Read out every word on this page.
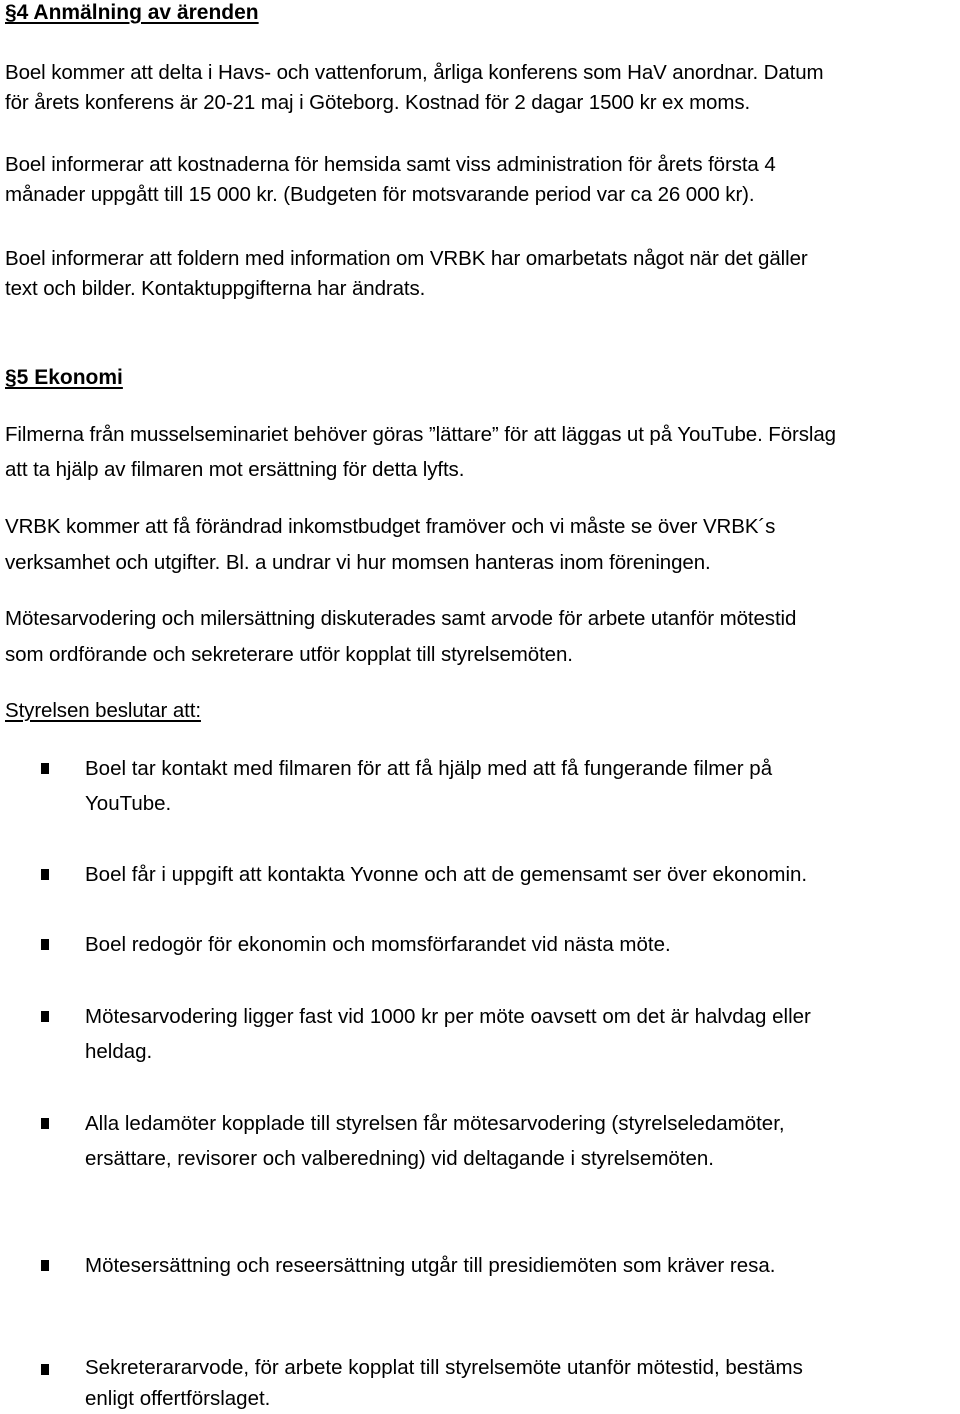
§4 Anmälning av ärenden
Boel kommer att delta i Havs- och vattenforum, årliga konferens som HaV anordnar. Datum
för årets konferens är 20-21 maj i Göteborg. Kostnad för 2 dagar 1500 kr ex moms.
Boel informerar att kostnaderna för hemsida samt viss administration för årets första 4
månader uppgått till 15 000 kr. (Budgeten för motsvarande period var ca 26 000 kr).
Boel informerar att foldern med information om VRBK har omarbetats något när det gäller
text och bilder. Kontaktuppgifterna har ändrats.
§5 Ekonomi
Filmerna från musselseminariet behöver göras ”lättare” för att läggas ut på YouTube. Förslag
att ta hjälp av filmaren mot ersättning för detta lyfts.
VRBK kommer att få förändrad inkomstbudget framöver och vi måste se över VRBK´s
verksamhet och utgifter. Bl. a undrar vi hur momsen hanteras inom föreningen.
Mötesarvodering och milersättning diskuterades samt arvode för arbete utanför mötestid
som ordförande och sekreterare utför kopplat till styrelsemöten.
Styrelsen beslutar att:
Boel tar kontakt med filmaren för att få hjälp med att få fungerande filmer på
YouTube.
Boel får i uppgift att kontakta Yvonne och att de gemensamt ser över ekonomin.
Boel redogör för ekonomin och momsförfarandet vid nästa möte.
Mötesarvodering ligger fast vid 1000 kr per möte oavsett om det är halvdag eller
heldag.
Alla ledamöter kopplade till styrelsen får mötesarvodering (styrelseledamöter,
ersättare, revisorer och valberedning) vid deltagande i styrelsemöten.
Mötesersättning och reseersättning utgår till presidiemöten som kräver resa.
Sekreterararvode, för arbete kopplat till styrelsemöte utanför mötestid, bestäms
enligt offertförslaget.
